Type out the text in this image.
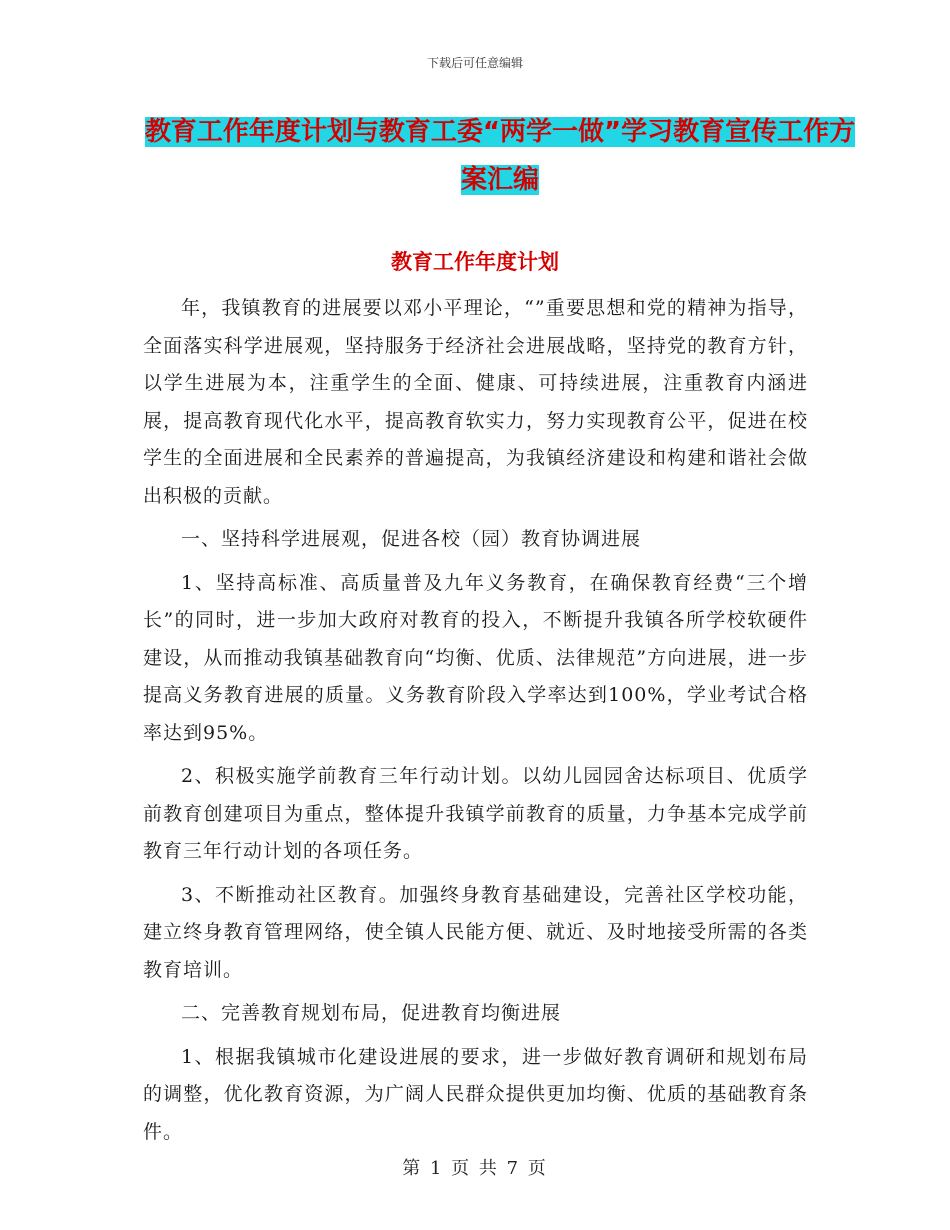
下载后可任意编辑
教育工作年度计划与教育工委“两学一做”学习教育宣传工作方案汇编
教育工作年度计划

年，我镇教育的进展要以邓小平理论，“”重要思想和党的精神为指导，全面落实科学进展观，坚持服务于经济社会进展战略，坚持党的教育方针，以学生进展为本，注重学生的全面、健康、可持续进展，注重教育内涵进展，提高教育现代化水平，提高教育软实力，努力实现教育公平，促进在校学生的全面进展和全民素养的普遍提高，为我镇经济建设和构建和谐社会做出积极的贡献。

一、坚持科学进展观，促进各校（园）教育协调进展

1、坚持高标准、高质量普及九年义务教育，在确保教育经费“三个增长”的同时，进一步加大政府对教育的投入，不断提升我镇各所学校软硬件建设，从而推动我镇基础教育向“均衡、优质、法律规范”方向进展，进一步提高义务教育进展的质量。义务教育阶段入学率达到100%，学业考试合格率达到95%。

2、积极实施学前教育三年行动计划。以幼儿园园舍达标项目、优质学前教育创建项目为重点，整体提升我镇学前教育的质量，力争基本完成学前教育三年行动计划的各项任务。

3、不断推动社区教育。加强终身教育基础建设，完善社区学校功能，建立终身教育管理网络，使全镇人民能方便、就近、及时地接受所需的各类教育培训。

二、完善教育规划布局，促进教育均衡进展

1、根据我镇城市化建设进展的要求，进一步做好教育调研和规划布局的调整，优化教育资源，为广阔人民群众提供更加均衡、优质的基础教育条件。

第 1 页 共 7 页
